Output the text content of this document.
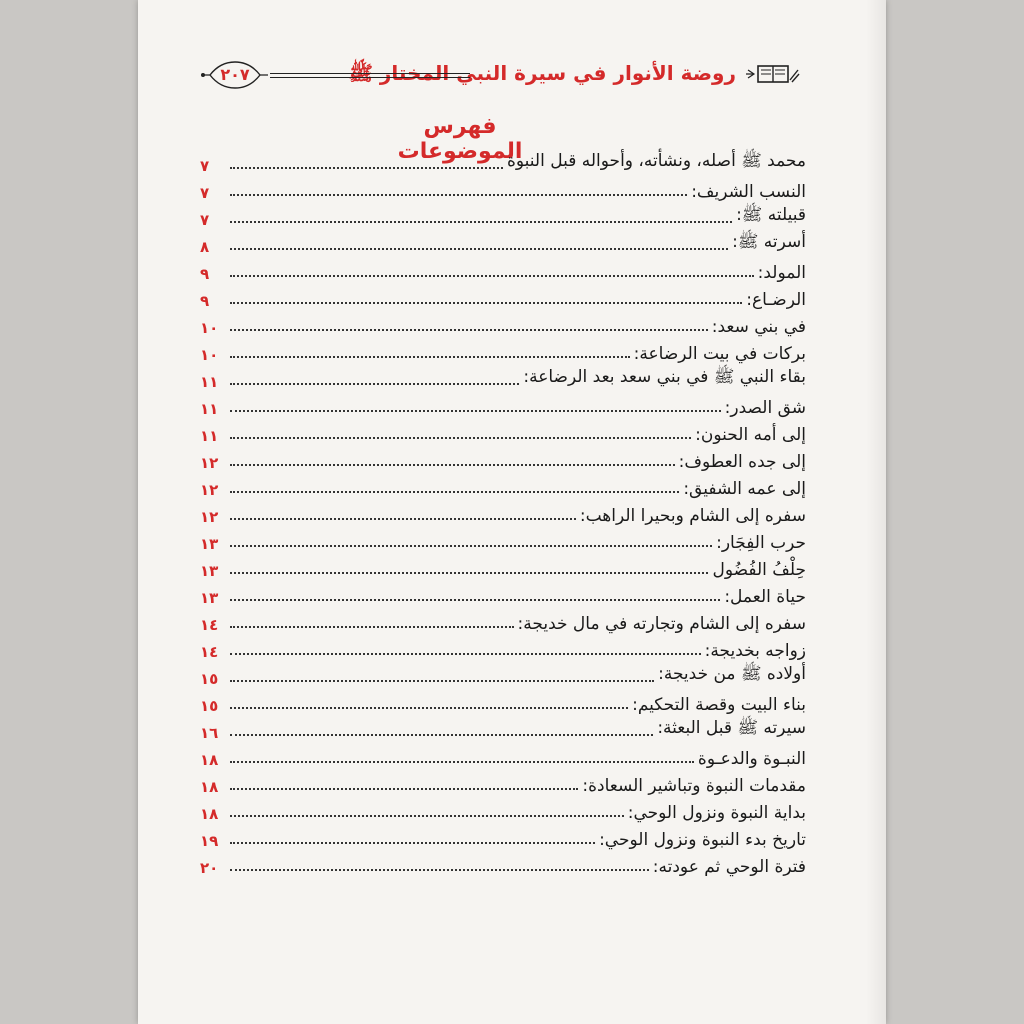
روضة الأنوار في سيرة النبي المختار ﷺ
٢٠٧
فهرس الموضوعات
محمد ﷺ أصله، ونشأته، وأحواله قبل النبوة
٧
النسب الشريف:
٧
قبيلته ﷺ:
٧
أسرته ﷺ:
٨
المولد:
٩
الرضـاع:
٩
في بني سعد:
١٠
بركات في بيت الرضاعة:
١٠
بقاء النبي ﷺ في بني سعد بعد الرضاعة:
١١
شق الصدر:
١١
إلى أمه الحنون:
١١
إلى جده العطوف:
١٢
إلى عمه الشفيق:
١٢
سفره إلى الشام وبحيرا الراهب:
١٢
حرب الفِجَار:
١٣
حِلْفُ الفُضُول
١٣
حياة العمل:
١٣
سفره إلى الشام وتجارته في مال خديجة:
١٤
زواجه بخديجة:
١٤
أولاده ﷺ من خديجة:
١٥
بناء البيت وقصة التحكيم:
١٥
سيرته ﷺ قبل البعثة:
١٦
النبـوة والدعـوة
١٨
مقدمات النبوة وتباشير السعادة:
١٨
بداية النبوة ونزول الوحي:
١٨
تاريخ بدء النبوة ونزول الوحي:
١٩
فترة الوحي ثم عودته:
٢٠
